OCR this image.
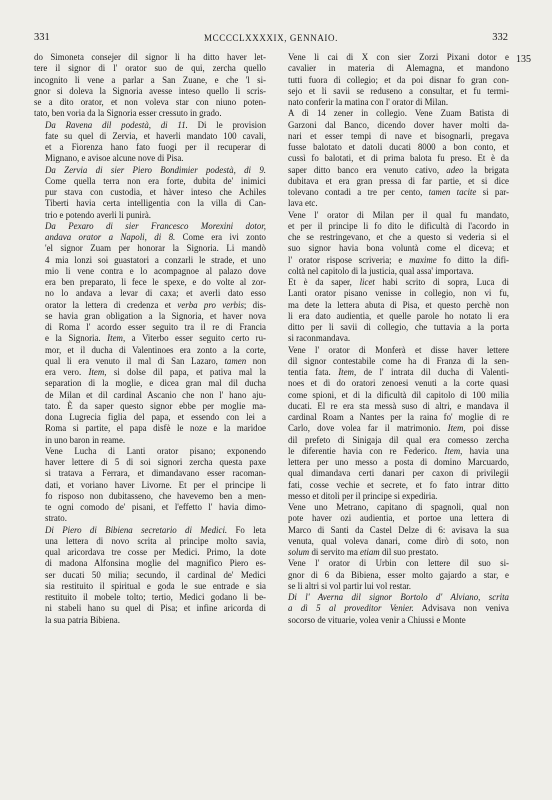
331	MCCCCLXXXXIX, GENNAIO.	332
135

do Simoneta consejer dil signor li ha ditto haver let-
tere il signor di l' orator suo de qui, zercha quello
incognito li vene a parlar a San Zuane, e che 'l si-
gnor si doleva la Signoria avesse inteso quello li scris-
se a dito orator, et non voleva star con niuno poten-
tato, ben voria da la Signoria esser cressuto in grado.

Da Ravena dil podestà, di 11. Di le provision
fate su quel di Zervia, et haverli mandato 100 cavali,
et a Fiorenza hano fato fuogi per il recuperar di
Mignano, e avisoe alcune nove di Pisa.

Da Zervia di sier Piero Bondimier podestà, di 9.
Come quella terra non era forte, dubita de' inimici
pur stava con custodia, et hàver inteso che Achiles
Tiberti havia certa intelligentia con la villa di Can-
trio e potendo averli li punirà.

Da Pexaro di sier Francesco Morexini dotor,
andava orator a Napoli, di 8. Come era ivi zonto
'el signor Zuam per honorar la Signoria. Li mandò
4 mia lonzi soi guastatori a conzarli le strade, et uno
mio li vene contra e lo acompagnoe al palazo dove
era ben preparato, li fece le spexe, e do volte al zor-
no lo andava a levar di caxa; et averli dato esso
orator la lettera di credenza et verba pro verbis; dis-
se havia gran obligation a la Signoria, et haver nova
di Roma l' acordo esser seguito tra il re di Francia
e la Signoria. Item, a Viterbo esser seguito certo ru-
mor, et il ducha di Valentinoes era zonto a la corte,
qual li era venuto il mal di San Lazaro, tamen non
era vero. Item, si dolse dil papa, et pativa mal la
separation di la moglie, e dicea gran mal dil ducha
de Milan et dil cardinal Ascanio che non l' hano aju-
tato. È da saper questo signor ebbe per moglie ma-
dona Lugrecia figlia del papa, et essendo con lei a
Roma si partite, el papa disfè le noze e la maridoe
in uno baron in reame.

Vene Lucha di Lanti orator pisano; exponendo
haver lettere di 5 di soi signori zercha questa paxe
si tratava a Ferrara, et dimandavano esser racoman-
dati, et voriano haver Livorne. Et per el principe li
fo risposo non dubitasseno, che havevemo ben a men-
te ogni comodo de' pisani, et l'effetto l' havia dimo-
strato.

Di Piero di Bibiena secretario di Medici. Fo leta
una lettera di novo scrita al principe molto savia,
qual aricordava tre cosse per Medici. Primo, la dote
di madona Alfonsina moglie del magnifico Piero es-
ser ducati 50 milia; secundo, il cardinal de' Medici
sia restituito il spiritual e goda le sue entrade e sia
restituito il mobele tolto; tertio, Medici godano li be-
ni stabeli hano su quel di Pisa; et infine aricorda di
la sua patria Bibiena.

Vene li cai di X con sier Zorzi Pixani dotor e
cavalier in materia di Alemagna, et mandono
tutti fuora di collegio; et da poi disnar fo gran con-
sejo et li savii se reduseno a consultar, et fu termi-
nato conferir la matina con l' orator di Milan.

A dì 14 zener in collegio. Vene Zuam Batista di
Garzoni dal Banco, dicendo dover haver molti da-
nari et esser tempi di nave et bisognarli, pregava
fusse balotato et datoli ducati 8000 a bon conto, et
cussì fo balotati, et di prima balota fu preso. Et è da
saper ditto banco era venuto cativo, adeo la brigata
dubitava et era gran pressa di far partie, et si dice
tolevano contadi a tre per cento, tamen tacite si par-
lava etc.

Vene l' orator di Milan per il qual fu mandato,
et per il principe li fo dito le dificultà di l'acordo in
che se restringevano, et che a questo si vederia si el
suo signor havia bona voluntà come el diceva; et
l' orator rispose scriveria; e maxime fo ditto la difi-
coltà nel capitolo di la justicia, qual assa' importava.

Et è da saper, licet habi scrito di sopra, Luca di
Lanti orator pisano venisse in collegio, non vi fu,
ma dete la lettera abuta di Pisa, et questo perchè non
li era dato audientia, et quelle parole ho notato li era
ditto per li savii di collegio, che tuttavia a la porta
si raconmandava.

Vene l' orator di Monferà et disse haver lettere
dil signor contestabile come ha di Franza di la sen-
tentia fata. Item, de l' intrata dil ducha di Valenti-
noes et di do oratori zenoesi venuti a la corte quasi
come spioni, et di la dificultà dil capitolo di 100 milia
ducati. El re era sta messà suso di altri, e mandava il
cardinal Roam a Nantes per la raina fo' moglie di re
Carlo, dove volea far il matrimonio. Item, poi disse
dil prefeto di Sinigaja dil qual era comesso zercha
le diferentie havia con re Federico. Item, havia una
lettera per uno messo a posta di domino Marcuardo,
qual dimandava certi danari per caxon di privilegii
fati, cosse vechie et secrete, et fo fato intrar ditto
messo et ditoli per il principe si expediria.

Vene uno Metrano, capitano di spagnoli, qual non
pote haver ozi audientia, et portoe una lettera di
Marco di Santi da Castel Delze di 6: avisava la sua
venuta, qual voleva danari, come dirò di soto, non
solum di servito ma etiam dil suo prestato.

Vene l' orator di Urbin con lettere dil suo si-
gnor di 6 da Bibiena, esser molto gajardo a star, e
se li altri si vol partir lui vol restar.

Di l' Averna dil signor Bortolo d' Alviano, scrita
a dì 5 al proveditor Venier. Advisava non veniva
socorso de vituarie, volea venir a Chiussi e Monte
